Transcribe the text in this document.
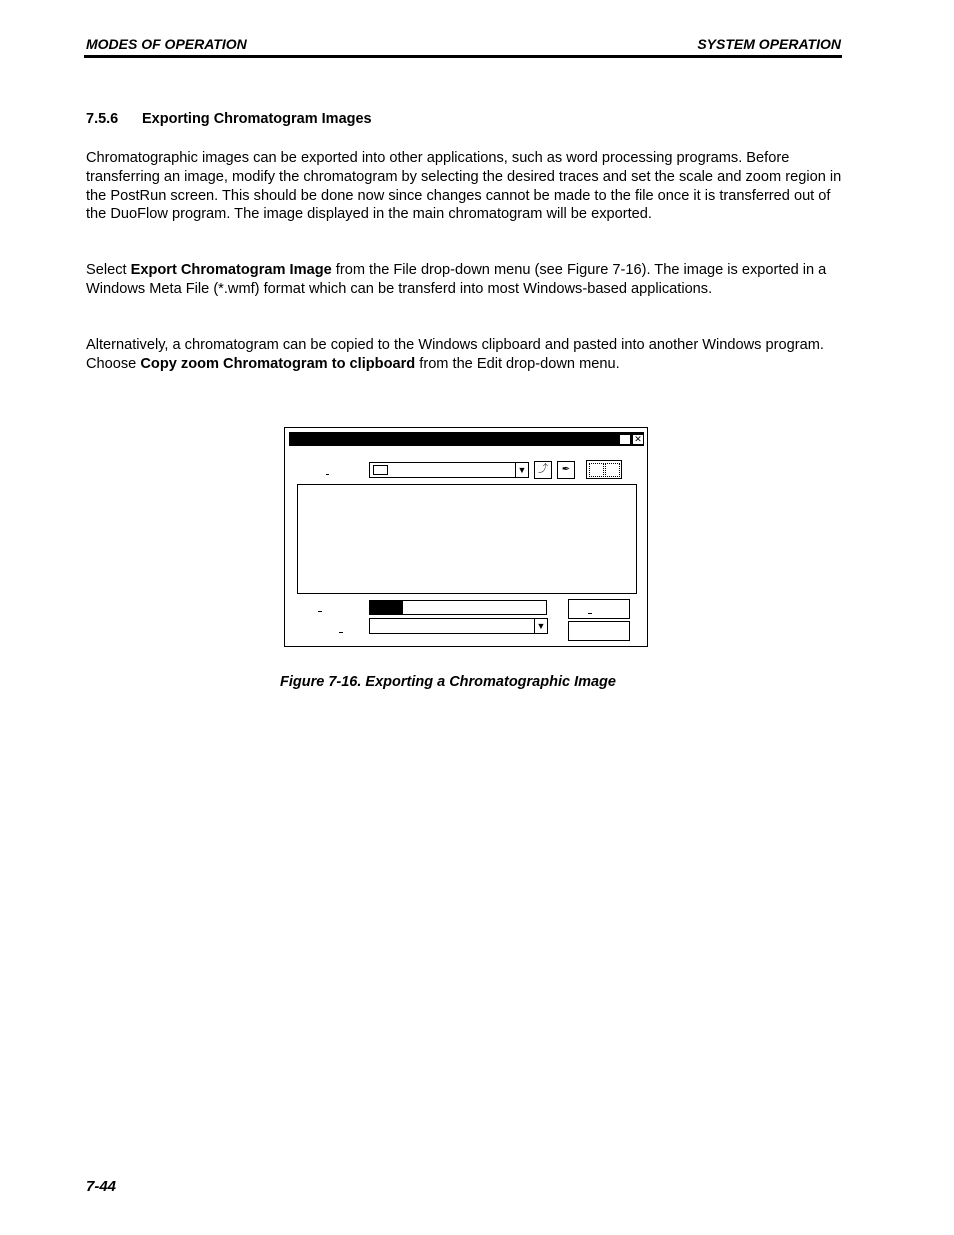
MODES OF OPERATION	SYSTEM OPERATION
7.5.6 Exporting Chromatogram Images

Chromatographic images can be exported into other applications, such as word processing programs. Before transferring an image, modify the chromatogram by selecting the desired traces and set the scale and zoom region in the PostRun screen. This should be done now since changes cannot be made to the file once it is transferred out of the DuoFlow program. The image displayed in the main chromatogram will be exported.

Select Export Chromatogram Image from the File drop-down menu (see Figure 7-16). The image is exported in a Windows Meta File (*.wmf) format which can be transferd into most Windows-based applications.

Alternatively, a chromatogram can be copied to the Windows clipboard and pasted into another Windows program. Choose Copy zoom Chromatogram to clipboard from the Edit drop-down menu.

✕
▼	⤴	✒
▼
Figure 7-16. Exporting a Chromatographic Image
7-44
